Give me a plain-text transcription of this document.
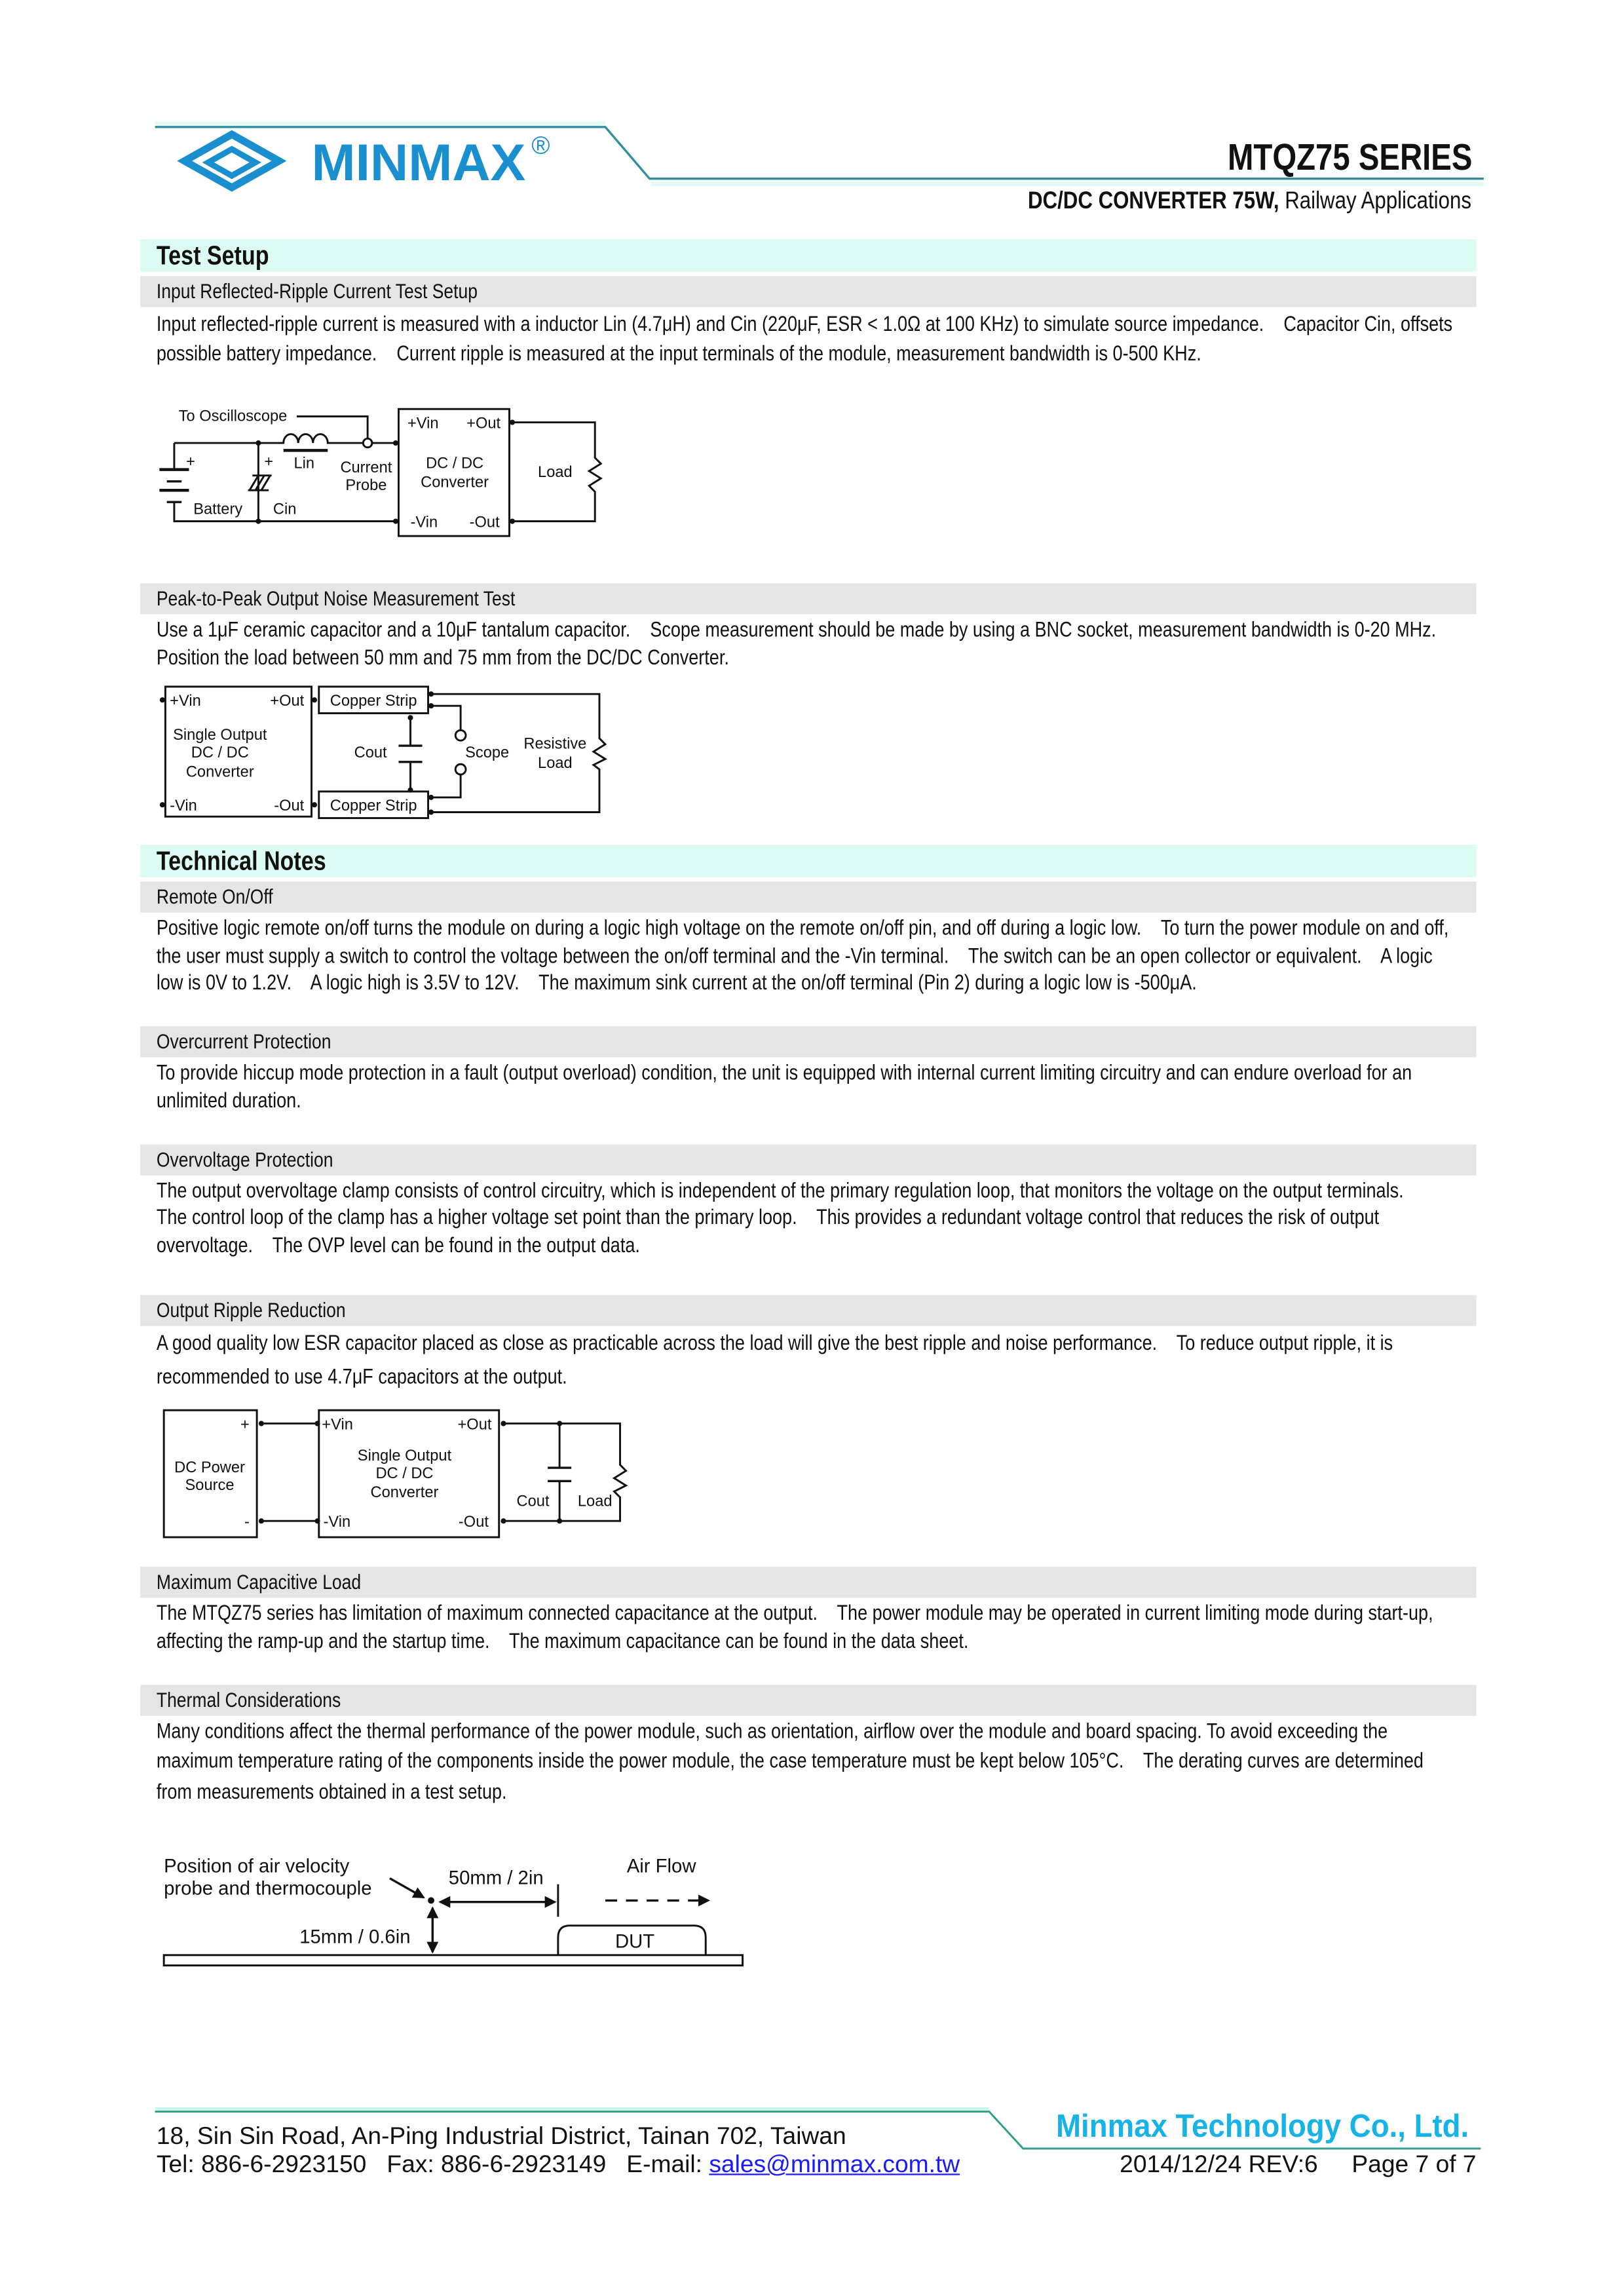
MINMAX ®	MTQZ75 SERIES
DC/DC CONVERTER 75W, Railway Applications
Test Setup
Input Reflected-Ripple Current Test Setup
Input reflected-ripple current is measured with a inductor Lin (4.7μH) and Cin (220μF, ESR < 1.0Ω at 100 KHz) to simulate source impedance.    Capacitor Cin, offsets
possible battery impedance.    Current ripple is measured at the input terminals of the module, measurement bandwidth is 0-500 KHz.
Peak-to-Peak Output Noise Measurement Test
Use a 1μF ceramic capacitor and a 10μF tantalum capacitor.    Scope measurement should be made by using a BNC socket, measurement bandwidth is 0-20 MHz.
Position the load between 50 mm and 75 mm from the DC/DC Converter.
Technical Notes
Remote On/Off
Positive logic remote on/off turns the module on during a logic high voltage on the remote on/off pin, and off during a logic low.    To turn the power module on and off,
the user must supply a switch to control the voltage between the on/off terminal and the -Vin terminal.    The switch can be an open collector or equivalent.    A logic
low is 0V to 1.2V.    A logic high is 3.5V to 12V.    The maximum sink current at the on/off terminal (Pin 2) during a logic low is -500μA.
Overcurrent Protection
To provide hiccup mode protection in a fault (output overload) condition, the unit is equipped with internal current limiting circuitry and can endure overload for an
unlimited duration.
Overvoltage Protection
The output overvoltage clamp consists of control circuitry, which is independent of the primary regulation loop, that monitors the voltage on the output terminals.
The control loop of the clamp has a higher voltage set point than the primary loop.    This provides a redundant voltage control that reduces the risk of output
overvoltage.    The OVP level can be found in the output data.
Output Ripple Reduction
A good quality low ESR capacitor placed as close as practicable across the load will give the best ripple and noise performance.    To reduce output ripple, it is
recommended to use 4.7μF capacitors at the output.
Maximum Capacitive Load
The MTQZ75 series has limitation of maximum connected capacitance at the output.    The power module may be operated in current limiting mode during start-up,
affecting the ramp-up and the startup time.    The maximum capacitance can be found in the data sheet.
Thermal Considerations
Many conditions affect the thermal performance of the power module, such as orientation, airflow over the module and board spacing. To avoid exceeding the
maximum temperature rating of the components inside the power module, the case temperature must be kept below 105°C.    The derating curves are determined
from measurements obtained in a test setup.
To Oscilloscope
+	+	Lin	Current
Probe
DC / DC
Converter
Load
Battery	Cin
+Vin	+Out
-Vin	-Out
+Vin	+Out
Single Output
DC / DC
Converter
-Vin	-Out
Copper Strip
Copper Strip
Cout	Scope
Resistive
Load
+
-
DC Power
Source
+Vin	+Out
Single Output
DC / DC
Converter
-Vin	-Out
Cout	Load
Position of air velocity
probe and thermocouple	50mm / 2in
Air Flow
15mm / 0.6in	DUT
Minmax Technology Co., Ltd.
18, Sin Sin Road, An-Ping Industrial District, Tainan 702, Taiwan
Tel: 886-6-2923150 Fax: 886-6-2923149 E-mail: sales@minmax.com.tw	2014/12/24 REV:6	Page 7 of 7
